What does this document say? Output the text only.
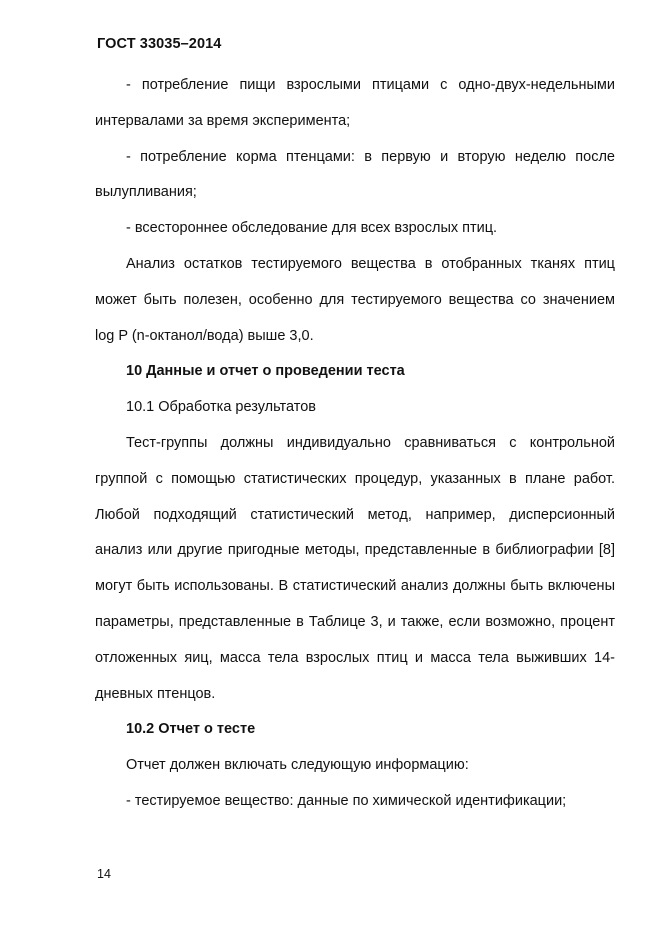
ГОСТ 33035–2014

- потребление пищи взрослыми птицами с одно-двух-недельными интервалами за время эксперимента;

- потребление корма птенцами: в первую и вторую неделю после вылупливания;

- всестороннее обследование для всех взрослых птиц.

Анализ остатков тестируемого вещества в отобранных тканях птиц может быть полезен, особенно для тестируемого вещества со значением log P (n-октанол/вода) выше 3,0.

10 Данные и отчет о проведении теста

10.1 Обработка результатов

Тест-группы должны индивидуально сравниваться с контрольной группой с помощью статистических процедур, указанных в плане работ. Любой подходящий статистический метод, например, дисперсионный анализ или другие пригодные методы, представленные в библиографии [8] могут быть использованы. В статистический анализ должны быть включены параметры, представленные в Таблице 3, и также, если возможно, процент отложенных яиц, масса тела взрослых птиц и масса тела выживших 14-дневных птенцов.

10.2 Отчет о тесте

Отчет должен включать следующую информацию:

- тестируемое вещество: данные по химической идентификации;

14
